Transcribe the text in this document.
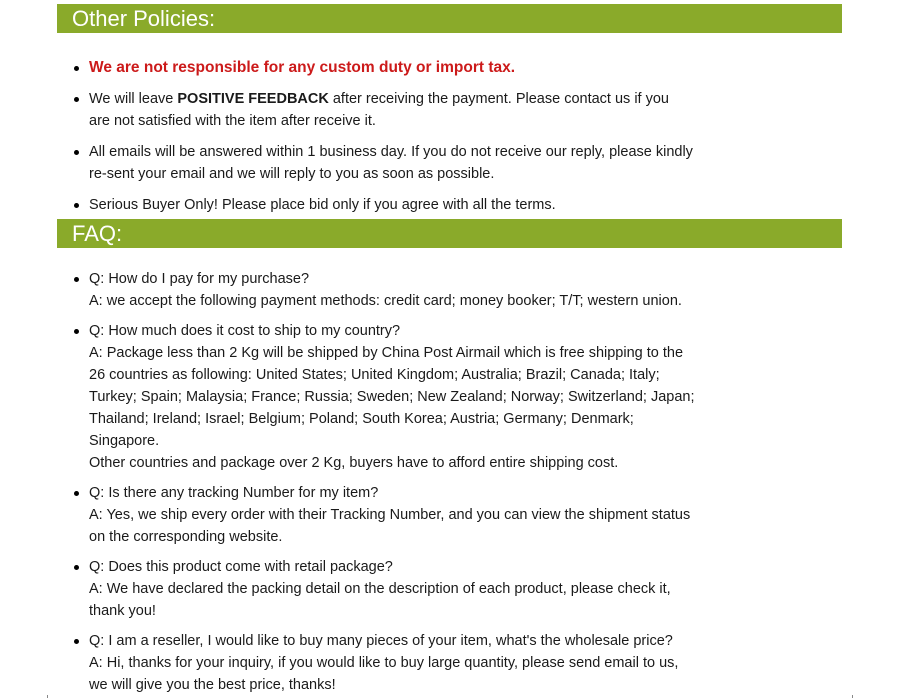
Other Policies:
We are not responsible for any custom duty or import tax.
We will leave POSITIVE FEEDBACK after receiving the payment. Please contact us if you
are not satisfied with the item after receive it.
All emails will be answered within 1 business day. If you do not receive our reply, please kindly
re-sent your email and we will reply to you as soon as possible.
Serious Buyer Only! Please place bid only if you agree with all the terms.
FAQ:
Q: How do I pay for my purchase?
A: we accept the following payment methods: credit card; money booker; T/T; western union.
Q: How much does it cost to ship to my country?
A: Package less than 2 Kg will be shipped by China Post Airmail which is free shipping to the
26 countries as following: United States; United Kingdom; Australia; Brazil; Canada; Italy;
Turkey; Spain; Malaysia; France; Russia; Sweden; New Zealand; Norway; Switzerland; Japan;
Thailand; Ireland; Israel; Belgium; Poland; South Korea; Austria; Germany; Denmark;
Singapore.
Other countries and package over 2 Kg, buyers have to afford entire shipping cost.
Q: Is there any tracking Number for my item?
A: Yes, we ship every order with their Tracking Number, and you can view the shipment status
on the corresponding website.
Q: Does this product come with retail package?
A: We have declared the packing detail on the description of each product, please check it,
thank you!
Q: I am a reseller, I would like to buy many pieces of your item, what's the wholesale price?
A: Hi, thanks for your inquiry, if you would like to buy large quantity, please send email to us,
we will give you the best price, thanks!
